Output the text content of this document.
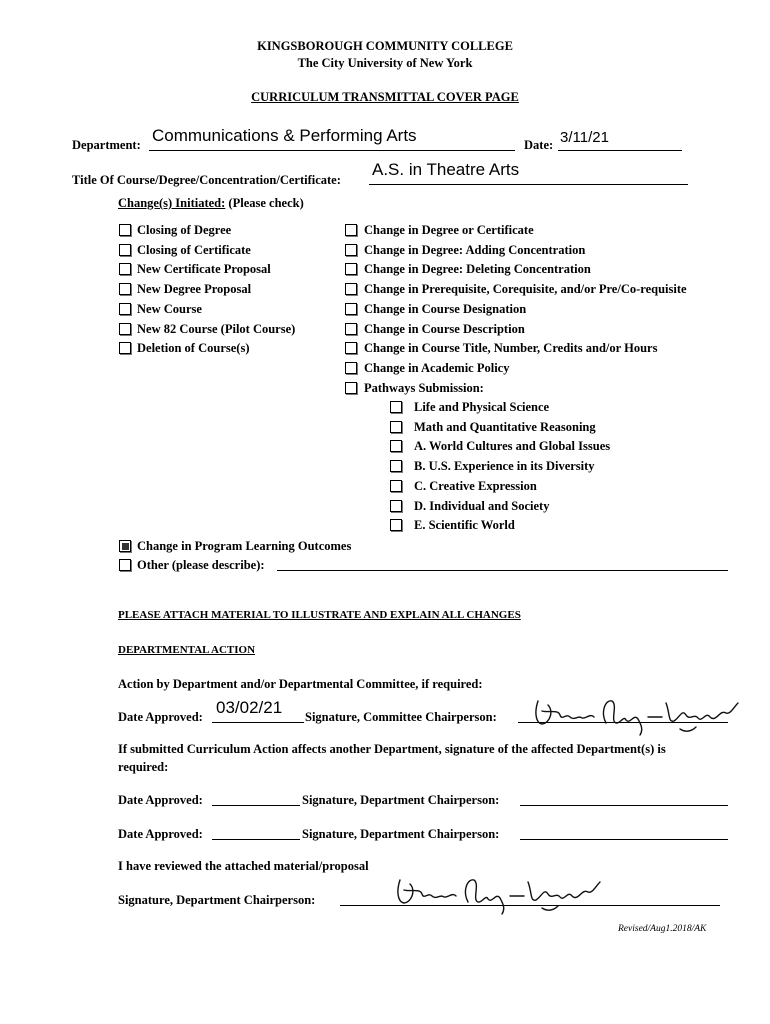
KINGSBOROUGH COMMUNITY COLLEGE
The City University of New York
CURRICULUM TRANSMITTAL COVER PAGE
Department: Communications & Performing Arts	Date: 3/11/21
Title Of Course/Degree/Concentration/Certificate:
A.S. in Theatre Arts
Change(s) Initiated: (Please check)
Closing of Degree
Closing of Certificate
New Certificate Proposal
New Degree Proposal
New Course
New 82 Course (Pilot Course)
Deletion of Course(s)
Change in Degree or Certificate
Change in Degree: Adding Concentration
Change in Degree: Deleting Concentration
Change in Prerequisite, Corequisite, and/or Pre/Co-requisite
Change in Course Designation
Change in Course Description
Change in Course Title, Number, Credits and/or Hours
Change in Academic Policy
Pathways Submission:
Life and Physical Science
Math and Quantitative Reasoning
A. World Cultures and Global Issues
B. U.S. Experience in its Diversity
C. Creative Expression
D. Individual and Society
E. Scientific World
Change in Program Learning Outcomes
Other (please describe):
PLEASE ATTACH MATERIAL TO ILLUSTRATE AND EXPLAIN ALL CHANGES
DEPARTMENTAL ACTION
Action by Department and/or Departmental Committee, if required:
Date Approved: 03/02/21 Signature, Committee Chairperson:
If submitted Curriculum Action affects another Department, signature of the affected Department(s) is
required:
Date Approved:	Signature, Department Chairperson:
Date Approved:	Signature, Department Chairperson:
I have reviewed the attached material/proposal
Signature, Department Chairperson:
Revised/Aug1.2018/AK
